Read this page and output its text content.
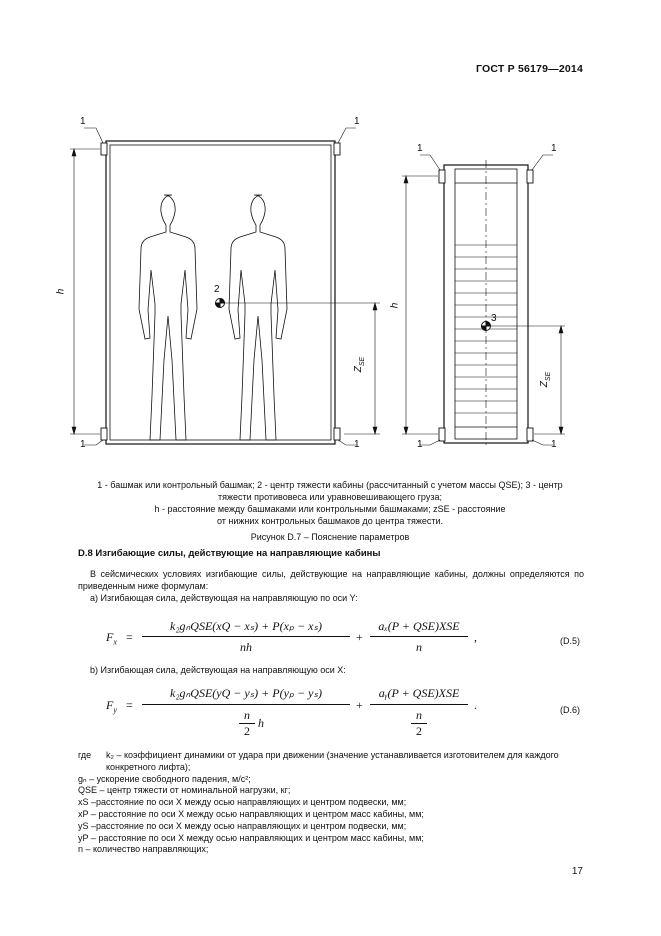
ГОСТ Р 56179—2014
1	1
1	1
1	1
1	1
2
3
h
h
$Z_{SE}$
$Z_{SE}$
1 - башмак или контрольный башмак; 2 - центр тяжести кабины (рассчитанный с учетом массы QSE); 3 - центр
тяжести противовеса или уравновешивающего груза;
h - расстояние между башмаками или контрольными башмаками; zSE - расстояние
от нижних контрольных башмаков до центра тяжести.
Рисунок D.7 – Пояснение параметров
D.8 Изгибающие силы, действующие на направляющие кабины
В сейсмических условиях изгибающие силы, действующие на направляющие кабины, должны определяются по приведенным ниже формулам:
а) Изгибающая сила, действующая на направляющую по оси Y:
$F_x$ =
k₂gₙQSE(xQ − xₛ) + P(xₚ − xₛ)
nh
+
aₓ(P + QSE)XSE
n
,	(D.5)
b) Изгибающая сила, действующая на направляющую оси X:
$F_y$ =
k₂gₙQSE(yQ − yₛ) + P(yₚ − yₛ)
n
2
h
+
aᵧ(P + QSE)XSE
n
2
.	(D.6)
где	k₂ – коэффициент динамики от удара при движении (значение устанавливается изготовителем для каждого конкретного лифта);
gₙ – ускорение свободного падения, м/с²;
QSE – центр тяжести от номинальной нагрузки, кг;
xS –расстояние по оси X между осью направляющих и центром подвески, мм;
xP – расстояние по оси X между осью направляющих и центром масс кабины, мм;
yS –расстояние по оси X между осью направляющих и центром подвески, мм;
yP – расстояние по оси X между осью направляющих и центром масс кабины, мм;
n – количество направляющих;
17
